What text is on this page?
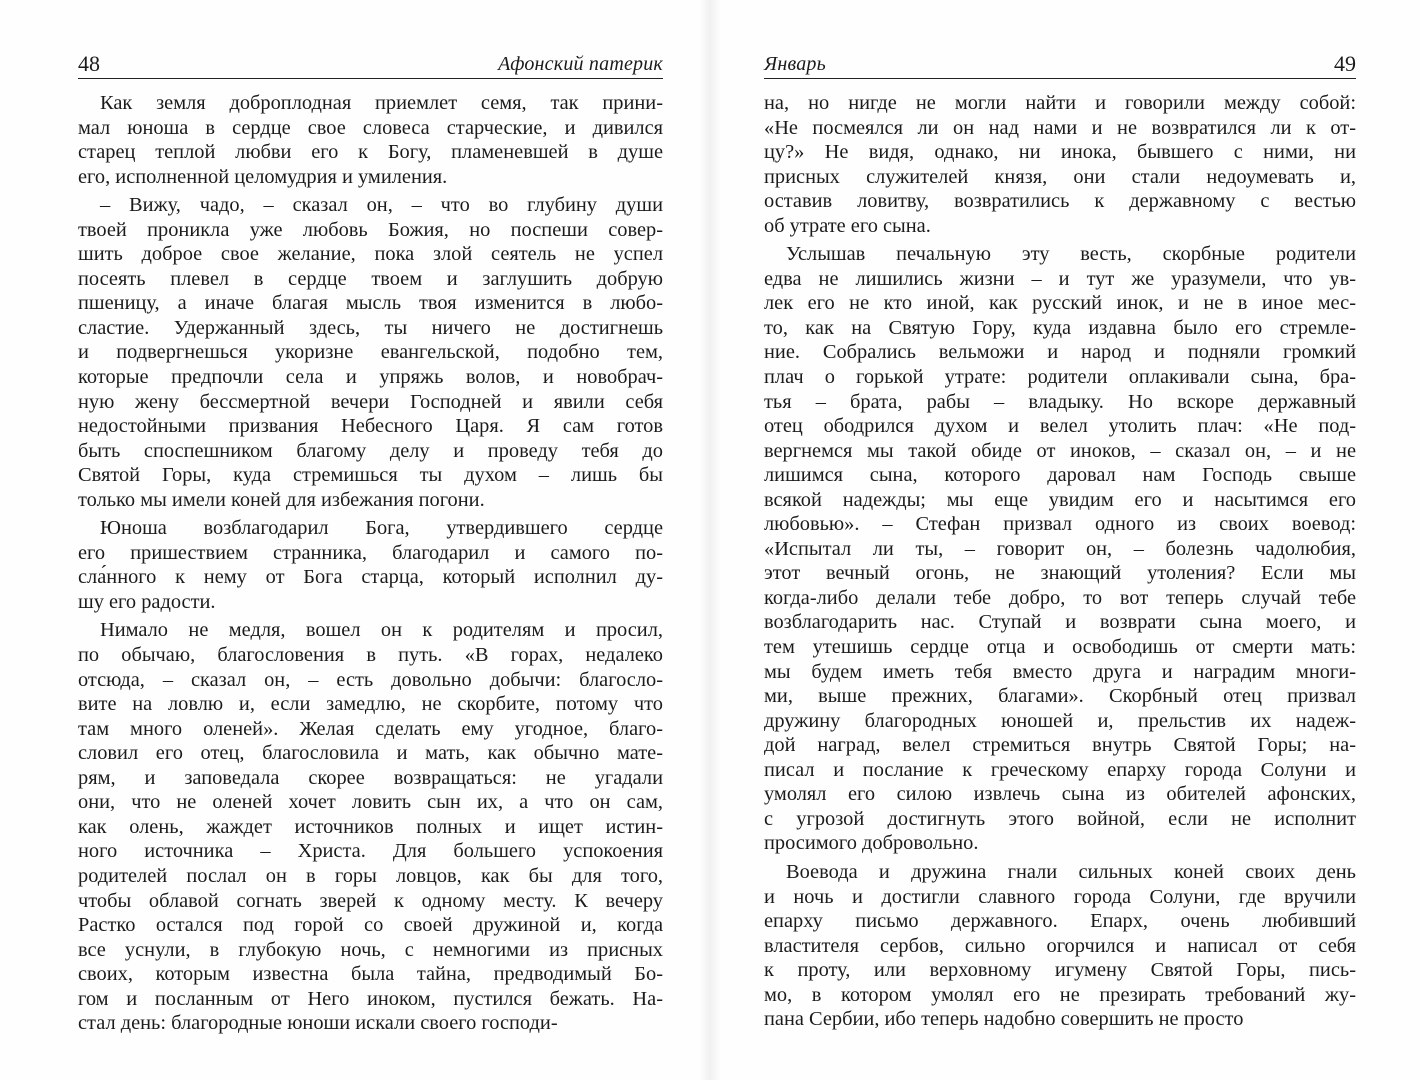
48	Афонский патерик
Как земля доброплодная приемлет семя, так прини-
мал юноша в сердце свое словеса старческие, и дивился
старец теплой любви его к Богу, пламеневшей в душе
его, исполненной целомудрия и умиления.
– Вижу, чадо, – сказал он, – что во глубину души
твоей проникла уже любовь Божия, но поспеши совер-
шить доброе свое желание, пока злой сеятель не успел
посеять плевел в сердце твоем и заглушить добрую
пшеницу, а иначе благая мысль твоя изменится в любо-
сластие. Удержанный здесь, ты ничего не достигнешь
и подвергнешься укоризне евангельской, подобно тем,
которые предпочли села и упряжь волов, и новобрач-
ную жену бессмертной вечери Господней и явили себя
недостойными призвания Небесного Царя. Я сам готов
быть споспешником благому делу и проведу тебя до
Святой Горы, куда стремишься ты духом – лишь бы
только мы имели коней для избежания погони.
Юноша возблагодарил Бога, утвердившего сердце
его пришествием странника, благодарил и самого по-
сла́нного к нему от Бога старца, который исполнил ду-
шу его радости.
Нимало не медля, вошел он к родителям и просил,
по обычаю, благословения в путь. «В горах, недалеко
отсюда, – сказал он, – есть довольно добычи: благосло-
вите на ловлю и, если замедлю, не скорбите, потому что
там много оленей». Желая сделать ему угодное, благо-
словил его отец, благословила и мать, как обычно мате-
рям, и заповедала скорее возвращаться: не угадали
они, что не оленей хочет ловить сын их, а что он сам,
как олень, жаждет источников полных и ищет истин-
ного источника – Христа. Для большего успокоения
родителей послал он в горы ловцов, как бы для того,
чтобы облавой согнать зверей к одному месту. К вечеру
Растко остался под горой со своей дружиной и, когда
все уснули, в глубокую ночь, с немногими из присных
своих, которым известна была тайна, предводимый Бо-
гом и посланным от Него иноком, пустился бежать. На-
стал день: благородные юноши искали своего господи-
Январь	49
на, но нигде не могли найти и говорили между собой:
«Не посмеялся ли он над нами и не возвратился ли к от-
цу?» Не видя, однако, ни инока, бывшего с ними, ни
присных служителей князя, они стали недоумевать и,
оставив ловитву, возвратились к державному с вестью
об утрате его сына.
Услышав печальную эту весть, скорбные родители
едва не лишились жизни – и тут же уразумели, что ув-
лек его не кто иной, как русский инок, и не в иное мес-
то, как на Святую Гору, куда издавна было его стремле-
ние. Собрались вельможи и народ и подняли громкий
плач о горькой утрате: родители оплакивали сына, бра-
тья – брата, рабы – владыку. Но вскоре державный
отец ободрился духом и велел утолить плач: «Не под-
вергнемся мы такой обиде от иноков, – сказал он, – и не
лишимся сына, которого даровал нам Господь свыше
всякой надежды; мы еще увидим его и насытимся его
любовью». – Стефан призвал одного из своих воевод:
«Испытал ли ты, – говорит он, – болезнь чадолюбия,
этот вечный огонь, не знающий утоления? Если мы
когда-либо делали тебе добро, то вот теперь случай тебе
возблагодарить нас. Ступай и возврати сына моего, и
тем утешишь сердце отца и освободишь от смерти мать:
мы будем иметь тебя вместо друга и наградим многи-
ми, выше прежних, благами». Скорбный отец призвал
дружину благородных юношей и, прельстив их надеж-
дой наград, велел стремиться внутрь Святой Горы; на-
писал и послание к греческому епарху города Солуни и
умолял его силою извлечь сына из обителей афонских,
с угрозой достигнуть этого войной, если не исполнит
просимого добровольно.
Воевода и дружина гнали сильных коней своих день
и ночь и достигли славного города Солуни, где вручили
епарху письмо державного. Епарх, очень любивший
властителя сербов, сильно огорчился и написал от себя
к проту, или верховному игумену Святой Горы, пись-
мо, в котором умолял его не презирать требований жу-
пана Сербии, ибо теперь надобно совершить не просто
